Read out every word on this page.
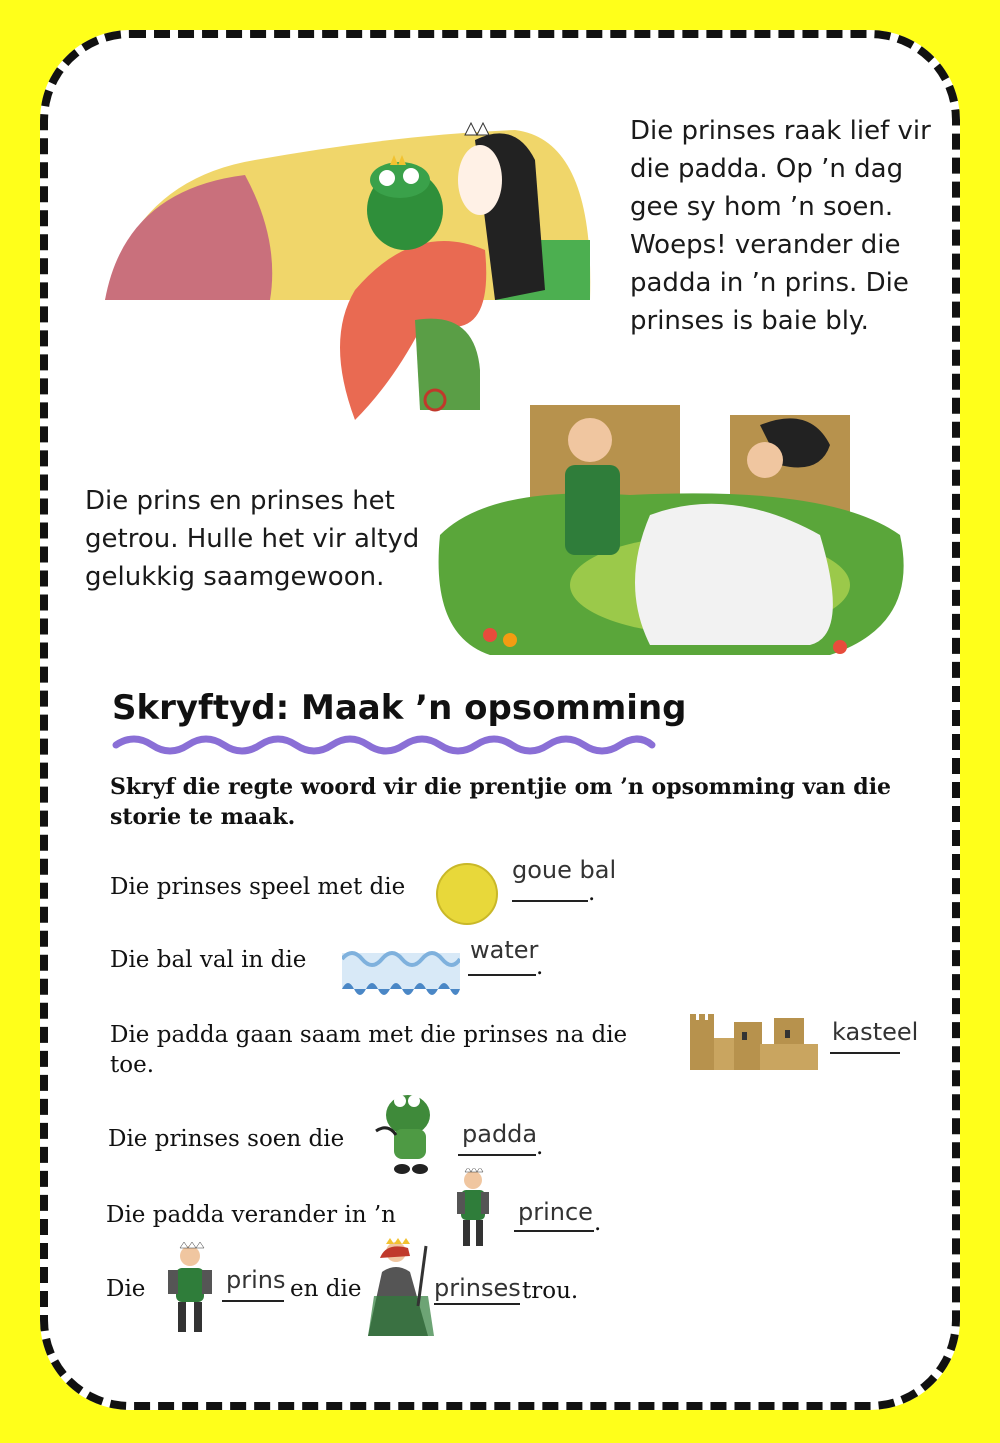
Die prinses raak lief vir
die padda. Op ’n dag
gee sy hom ’n soen.
Woeps! verander die
padda in ’n prins. Die
prinses is baie bly.
Die prins en prinses het
getrou. Hulle het vir altyd
gelukkig saamgewoon.
Skryftyd: Maak ’n opsomming
Skryf die regte woord vir die prentjie om ’n opsomming van die storie te maak.
Die prinses speel met die
goue bal
.
Die bal val in die	water
.
Die padda gaan saam met die prinses na die
toe.
kasteel
Die prinses soen die	padda
.
Die padda verander in ’n	prince .
Die	prins en die	prinses trou.
